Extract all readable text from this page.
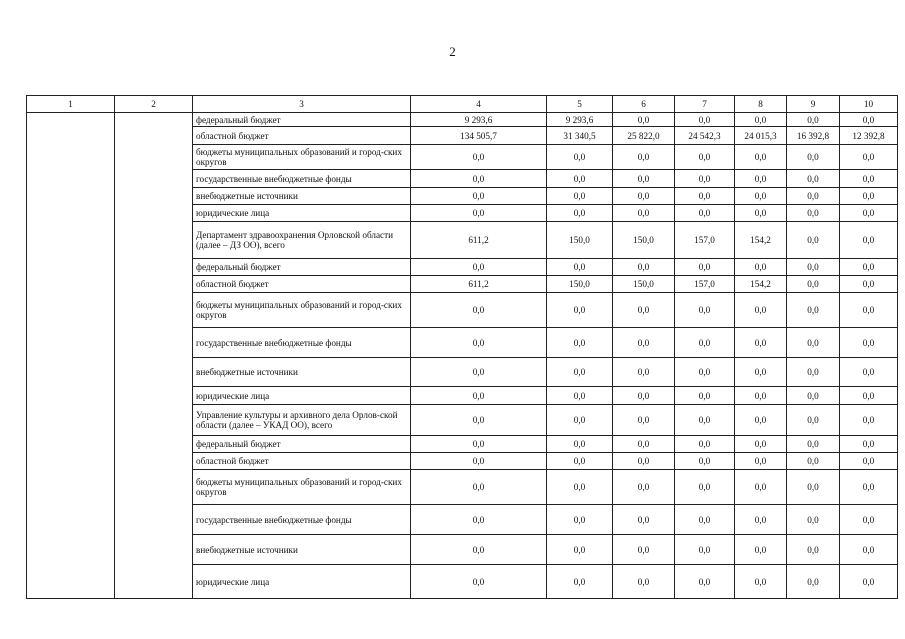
2
1	2	3	4	5	6	7	8	9	10
		федеральный бюджет	9 293,6	9 293,6	0,0	0,0	0,0	0,0	0,0
		областной бюджет	134 505,7	31 340,5	25 822,0	24 542,3	24 015,3	16 392,8	12 392,8
		бюджеты муниципальных образований и город-ских округов	0,0	0,0	0,0	0,0	0,0	0,0	0,0
		государственные внебюджетные фонды	0,0	0,0	0,0	0,0	0,0	0,0	0,0
		внебюджетные источники	0,0	0,0	0,0	0,0	0,0	0,0	0,0
		юридические лица	0,0	0,0	0,0	0,0	0,0	0,0	0,0
		Департамент здравоохранения Орловской области (далее – ДЗ ОО), всего	611,2	150,0	150,0	157,0	154,2	0,0	0,0
		федеральный бюджет	0,0	0,0	0,0	0,0	0,0	0,0	0,0
		областной бюджет	611,2	150,0	150,0	157,0	154,2	0,0	0,0
		бюджеты муниципальных образований и город-ских округов	0,0	0,0	0,0	0,0	0,0	0,0	0,0
		государственные внебюджетные фонды	0,0	0,0	0,0	0,0	0,0	0,0	0,0
		внебюджетные источники	0,0	0,0	0,0	0,0	0,0	0,0	0,0
		юридические лица	0,0	0,0	0,0	0,0	0,0	0,0	0,0
		Управление культуры и архивного дела Орлов-ской области (далее – УКАД ОО), всего	0,0	0,0	0,0	0,0	0,0	0,0	0,0
		федеральный бюджет	0,0	0,0	0,0	0,0	0,0	0,0	0,0
		областной бюджет	0,0	0,0	0,0	0,0	0,0	0,0	0,0
		бюджеты муниципальных образований и город-ских округов	0,0	0,0	0,0	0,0	0,0	0,0	0,0
		государственные внебюджетные фонды	0,0	0,0	0,0	0,0	0,0	0,0	0,0
		внебюджетные источники	0,0	0,0	0,0	0,0	0,0	0,0	0,0
		юридические лица	0,0	0,0	0,0	0,0	0,0	0,0	0,0
